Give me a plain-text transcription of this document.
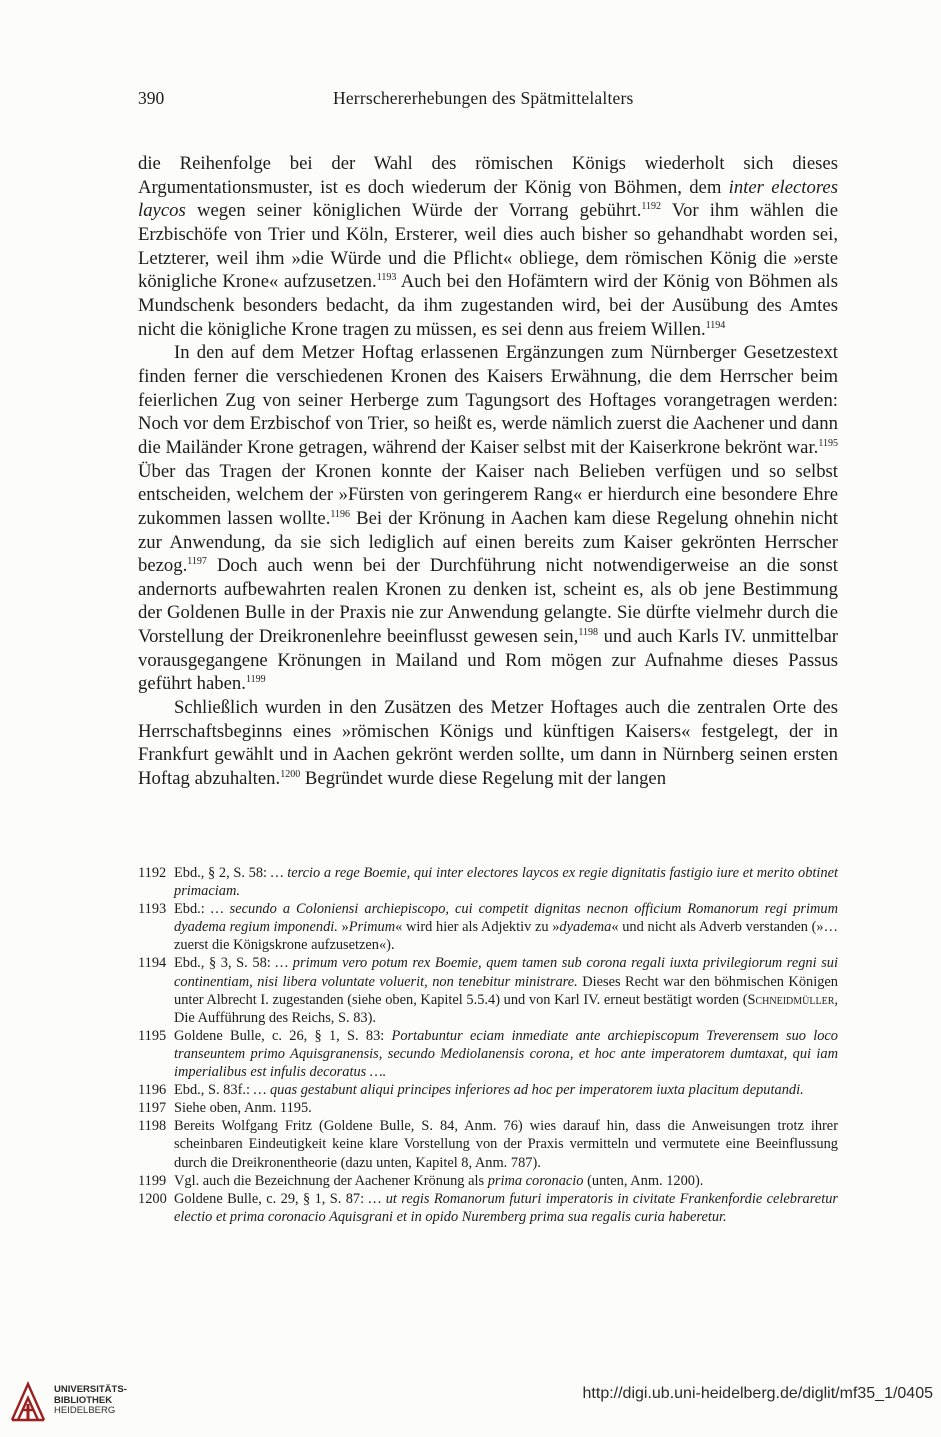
390	Herrschererhebungen des Spätmittelalters

die Reihenfolge bei der Wahl des römischen Königs wiederholt sich dieses Argumentationsmuster, ist es doch wiederum der König von Böhmen, dem inter electores laycos wegen seiner königlichen Würde der Vorrang gebührt.$^{1192}$ Vor ihm wählen die Erzbischöfe von Trier und Köln, Ersterer, weil dies auch bisher so gehandhabt worden sei, Letzterer, weil ihm »die Würde und die Pflicht« obliege, dem römischen König die »erste königliche Krone« aufzusetzen.$^{1193}$ Auch bei den Hofämtern wird der König von Böhmen als Mundschenk besonders bedacht, da ihm zugestanden wird, bei der Ausübung des Amtes nicht die königliche Krone tragen zu müssen, es sei denn aus freiem Willen.$^{1194}$

In den auf dem Metzer Hoftag erlassenen Ergänzungen zum Nürnberger Gesetzestext finden ferner die verschiedenen Kronen des Kaisers Erwähnung, die dem Herrscher beim feierlichen Zug von seiner Herberge zum Tagungsort des Hoftages vorangetragen werden: Noch vor dem Erzbischof von Trier, so heißt es, werde nämlich zuerst die Aachener und dann die Mailänder Krone getragen, während der Kaiser selbst mit der Kaiserkrone bekrönt war.$^{1195}$ Über das Tragen der Kronen konnte der Kaiser nach Belieben verfügen und so selbst entscheiden, welchem der »Fürsten von geringerem Rang« er hierdurch eine besondere Ehre zukommen lassen wollte.$^{1196}$ Bei der Krönung in Aachen kam diese Regelung ohnehin nicht zur Anwendung, da sie sich lediglich auf einen bereits zum Kaiser gekrönten Herrscher bezog.$^{1197}$ Doch auch wenn bei der Durchführung nicht notwendigerweise an die sonst andernorts aufbewahrten realen Kronen zu denken ist, scheint es, als ob jene Bestimmung der Goldenen Bulle in der Praxis nie zur Anwendung gelangte. Sie dürfte vielmehr durch die Vorstellung der Dreikronenlehre beeinflusst gewesen sein,$^{1198}$ und auch Karls IV. unmittelbar vorausgegangene Krönungen in Mailand und Rom mögen zur Aufnahme dieses Passus geführt haben.$^{1199}$

Schließlich wurden in den Zusätzen des Metzer Hoftages auch die zentralen Orte des Herrschaftsbeginns eines »römischen Königs und künftigen Kaisers« festgelegt, der in Frankfurt gewählt und in Aachen gekrönt werden sollte, um dann in Nürnberg seinen ersten Hoftag abzuhalten.$^{1200}$ Begründet wurde diese Regelung mit der langen

1192 Ebd., § 2, S. 58: … tercio a rege Boemie, qui inter electores laycos ex regie dignitatis fastigio iure et merito obtinet primaciam.
1193 Ebd.: … secundo a Coloniensi archiepiscopo, cui competit dignitas necnon officium Romanorum regi primum dyadema regium imponendi. »Primum« wird hier als Adjektiv zu »dyadema« und nicht als Adverb verstanden (»… zuerst die Königskrone aufzusetzen«).
1194 Ebd., § 3, S. 58: … primum vero potum rex Boemie, quem tamen sub corona regali iuxta privilegiorum regni sui continentiam, nisi libera voluntate voluerit, non tenebitur ministrare. Dieses Recht war den böhmischen Königen unter Albrecht I. zugestanden (siehe oben, Kapitel 5.5.4) und von Karl IV. erneut bestätigt worden (Schneidmüller, Die Aufführung des Reichs, S. 83).
1195 Goldene Bulle, c. 26, § 1, S. 83: Portabuntur eciam inmediate ante archiepiscopum Treverensem suo loco transeuntem primo Aquisgranensis, secundo Mediolanensis corona, et hoc ante imperatorem dumtaxat, qui iam imperialibus est infulis decoratus ….
1196 Ebd., S. 83f.: … quas gestabunt aliqui principes inferiores ad hoc per imperatorem iuxta placitum deputandi.
1197 Siehe oben, Anm. 1195.
1198 Bereits Wolfgang Fritz (Goldene Bulle, S. 84, Anm. 76) wies darauf hin, dass die Anweisungen trotz ihrer scheinbaren Eindeutigkeit keine klare Vorstellung von der Praxis vermitteln und vermutete eine Beeinflussung durch die Dreikronentheorie (dazu unten, Kapitel 8, Anm. 787).
1199 Vgl. auch die Bezeichnung der Aachener Krönung als prima coronacio (unten, Anm. 1200).
1200 Goldene Bulle, c. 29, § 1, S. 87: … ut regis Romanorum futuri imperatoris in civitate Frankenfordie celebraretur electio et prima coronacio Aquisgrani et in opido Nuremberg prima sua regalis curia haberetur.
UNIVERSITÄTS-
BIBLIOTHEK
HEIDELBERG
http://digi.ub.uni-heidelberg.de/diglit/mf35_1/0405
